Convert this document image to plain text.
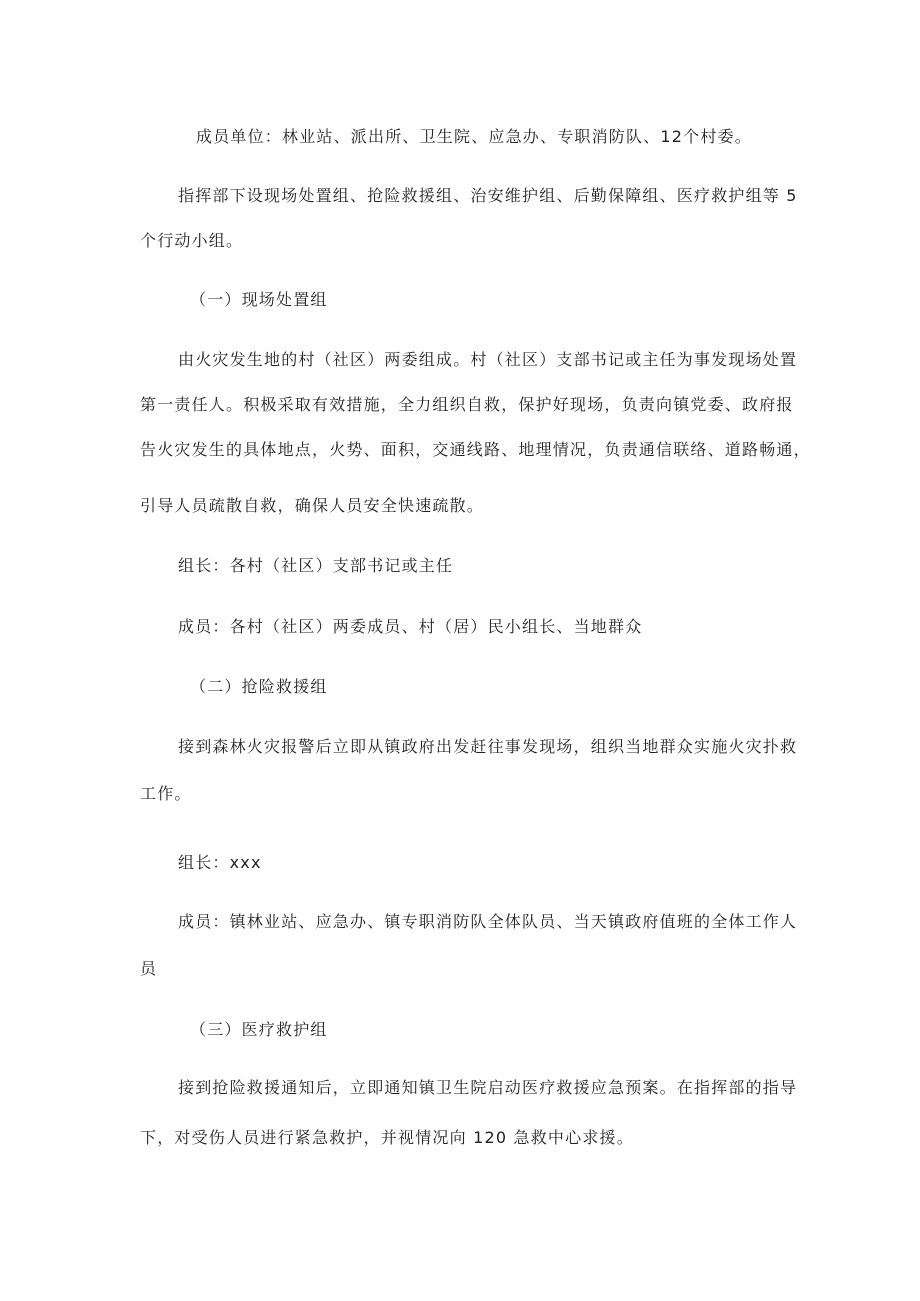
成员单位：林业站、派出所、卫生院、应急办、专职消防队、12个村委。
指挥部下设现场处置组、抢险救援组、治安维护组、后勤保障组、医疗救护组等 5
个行动小组。
（一）现场处置组
由火灾发生地的村（社区）两委组成。村（社区）支部书记或主任为事发现场处置
第一责任人。积极采取有效措施，全力组织自救，保护好现场，负责向镇党委、政府报
告火灾发生的具体地点，火势、面积，交通线路、地理情况，负责通信联络、道路畅通，
引导人员疏散自救，确保人员安全快速疏散。
组长：各村（社区）支部书记或主任
成员：各村（社区）两委成员、村（居）民小组长、当地群众
（二）抢险救援组
接到森林火灾报警后立即从镇政府出发赶往事发现场，组织当地群众实施火灾扑救
工作。
组长：xxx
成员：镇林业站、应急办、镇专职消防队全体队员、当天镇政府值班的全体工作人
员
（三）医疗救护组
接到抢险救援通知后，立即通知镇卫生院启动医疗救援应急预案。在指挥部的指导
下，对受伤人员进行紧急救护，并视情况向 120 急救中心求援。
